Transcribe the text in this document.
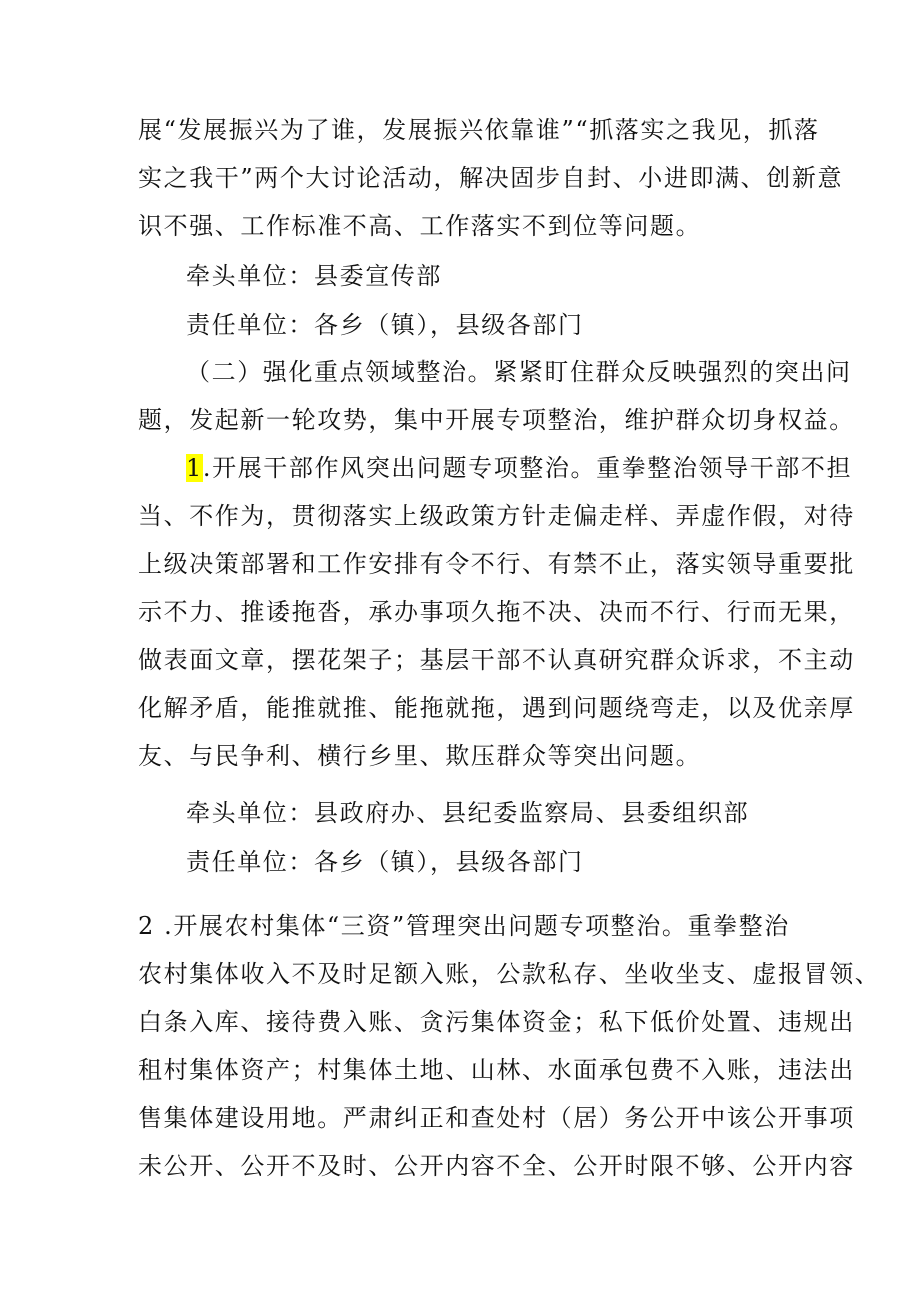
展“发展振兴为了谁，发展振兴依靠谁”“抓落实之我见，抓落
实之我干”两个大讨论活动，解决固步自封、小进即满、创新意
识不强、工作标准不高、工作落实不到位等问题。
牵头单位：县委宣传部
责任单位：各乡（镇），县级各部门
（二）强化重点领域整治。紧紧盯住群众反映强烈的突出问
题，发起新一轮攻势，集中开展专项整治，维护群众切身权益。
1.开展干部作风突出问题专项整治。重拳整治领导干部不担
当、不作为，贯彻落实上级政策方针走偏走样、弄虚作假，对待
上级决策部署和工作安排有令不行、有禁不止，落实领导重要批
示不力、推诿拖沓，承办事项久拖不决、决而不行、行而无果，
做表面文章，摆花架子；基层干部不认真研究群众诉求，不主动
化解矛盾，能推就推、能拖就拖，遇到问题绕弯走，以及优亲厚
友、与民争利、横行乡里、欺压群众等突出问题。
牵头单位：县政府办、县纪委监察局、县委组织部
责任单位：各乡（镇），县级各部门
2 .开展农村集体“三资”管理突出问题专项整治。重拳整治
农村集体收入不及时足额入账，公款私存、坐收坐支、虚报冒领、
白条入库、接待费入账、贪污集体资金；私下低价处置、违规出
租村集体资产；村集体土地、山林、水面承包费不入账，违法出
售集体建设用地。严肃纠正和查处村（居）务公开中该公开事项
未公开、公开不及时、公开内容不全、公开时限不够、公开内容
